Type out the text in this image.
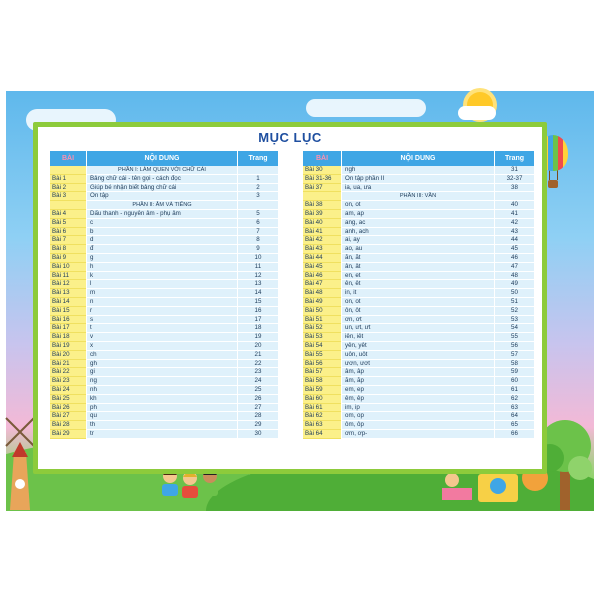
MỤC LỤC
BÀI	NỘI DUNG	Trang
PHẦN I: LÀM QUEN VỚI CHỮ CÁI
Bài 1	Bảng chữ cái - tên gọi - cách đọc	1
Bài 2	Giúp bé nhận biết bảng chữ cái	2
Bài 3	Ôn tập	3
PHẦN II: ÂM VÀ TIẾNG
Bài 4	Dấu thanh - nguyên âm - phụ âm	5
Bài 5	c	6
Bài 6	b	7
Bài 7	d	8
Bài 8	đ	9
Bài 9	g	10
Bài 10	h	11
Bài 11	k	12
Bài 12	l	13
Bài 13	m	14
Bài 14	n	15
Bài 15	r	16
Bài 16	s	17
Bài 17	t	18
Bài 18	v	19
Bài 19	x	20
Bài 20	ch	21
Bài 21	gh	22
Bài 22	gi	23
Bài 23	ng	24
Bài 24	nh	25
Bài 25	kh	26
Bài 26	ph	27
Bài 27	qu	28
Bài 28	th	29
Bài 29	tr	30
BÀI	NỘI DUNG	Trang
Bài 30	ngh	31
Bài 31-36	Ôn tập phần II	32-37
Bài 37	ia, ua, ưa	38
PHẦN III: VẦN
Bài 38	on, ot	40
Bài 39	am, ap	41
Bài 40	ang, ac	42
Bài 41	anh, ach	43
Bài 42	ai, ay	44
Bài 43	ao, au	45
Bài 44	ăn, ăt	46
Bài 45	ân, ât	47
Bài 46	en, et	48
Bài 47	ên, êt	49
Bài 48	in, it	50
Bài 49	on, ot	51
Bài 50	ôn, ôt	52
Bài 51	ơn, ơt	53
Bài 52	un, ưt, ưt	54
Bài 53	iên, iêt	55
Bài 54	yên, yêt	56
Bài 55	uôn, uôt	57
Bài 56	ươn, ươt	58
Bài 57	âm, âp	59
Bài 58	ăm, ăp	60
Bài 59	em, ep	61
Bài 60	êm, êp	62
Bài 61	im, ip	63
Bài 62	om, op	64
Bài 63	ôm, ôp	65
Bài 64	ơm, ơp-	66
